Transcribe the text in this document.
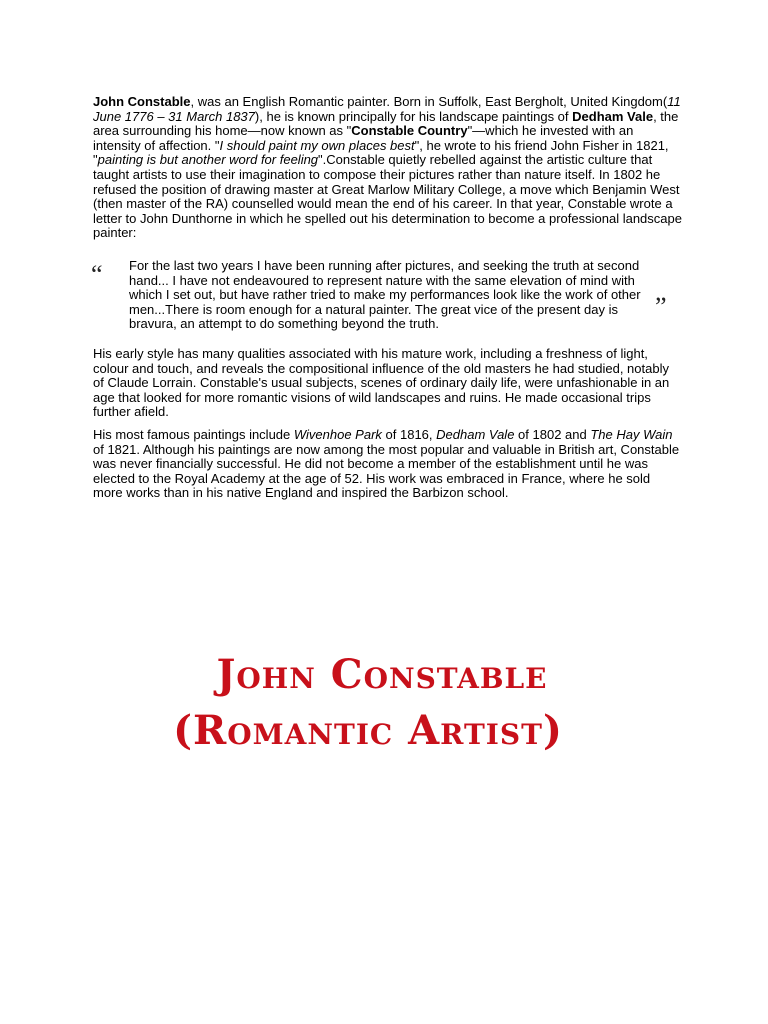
John Constable, was an English Romantic painter. Born in Suffolk, East Bergholt, United Kingdom(11 June 1776 – 31 March 1837), he is known principally for his landscape paintings of Dedham Vale, the area surrounding his home—now known as "Constable Country"—which he invested with an intensity of affection. "I should paint my own places best", he wrote to his friend John Fisher in 1821, "painting is but another word for feeling".Constable quietly rebelled against the artistic culture that taught artists to use their imagination to compose their pictures rather than nature itself. In 1802 he refused the position of drawing master at Great Marlow Military College, a move which Benjamin West (then master of the RA) counselled would mean the end of his career. In that year, Constable wrote a letter to John Dunthorne in which he spelled out his determination to become a professional landscape painter:

“ For the last two years I have been running after pictures, and seeking the truth at second hand... I have not endeavoured to represent nature with the same elevation of mind with which I set out, but have rather tried to make my performances look like the work of other men...There is room enough for a natural painter. The great vice of the present day is bravura, an attempt to do something beyond the truth.

”

His early style has many qualities associated with his mature work, including a freshness of light, colour and touch, and reveals the compositional influence of the old masters he had studied, notably of Claude Lorrain. Constable's usual subjects, scenes of ordinary daily life, were unfashionable in an age that looked for more romantic visions of wild landscapes and ruins. He made occasional trips further afield.

His most famous paintings include Wivenhoe Park of 1816, Dedham Vale of 1802 and The Hay Wain of 1821. Although his paintings are now among the most popular and valuable in British art, Constable was never financially successful. He did not become a member of the establishment until he was elected to the Royal Academy at the age of 52. His work was embraced in France, where he sold more works than in his native England and inspired the Barbizon school.

John Constable
(Romantic Artist)
